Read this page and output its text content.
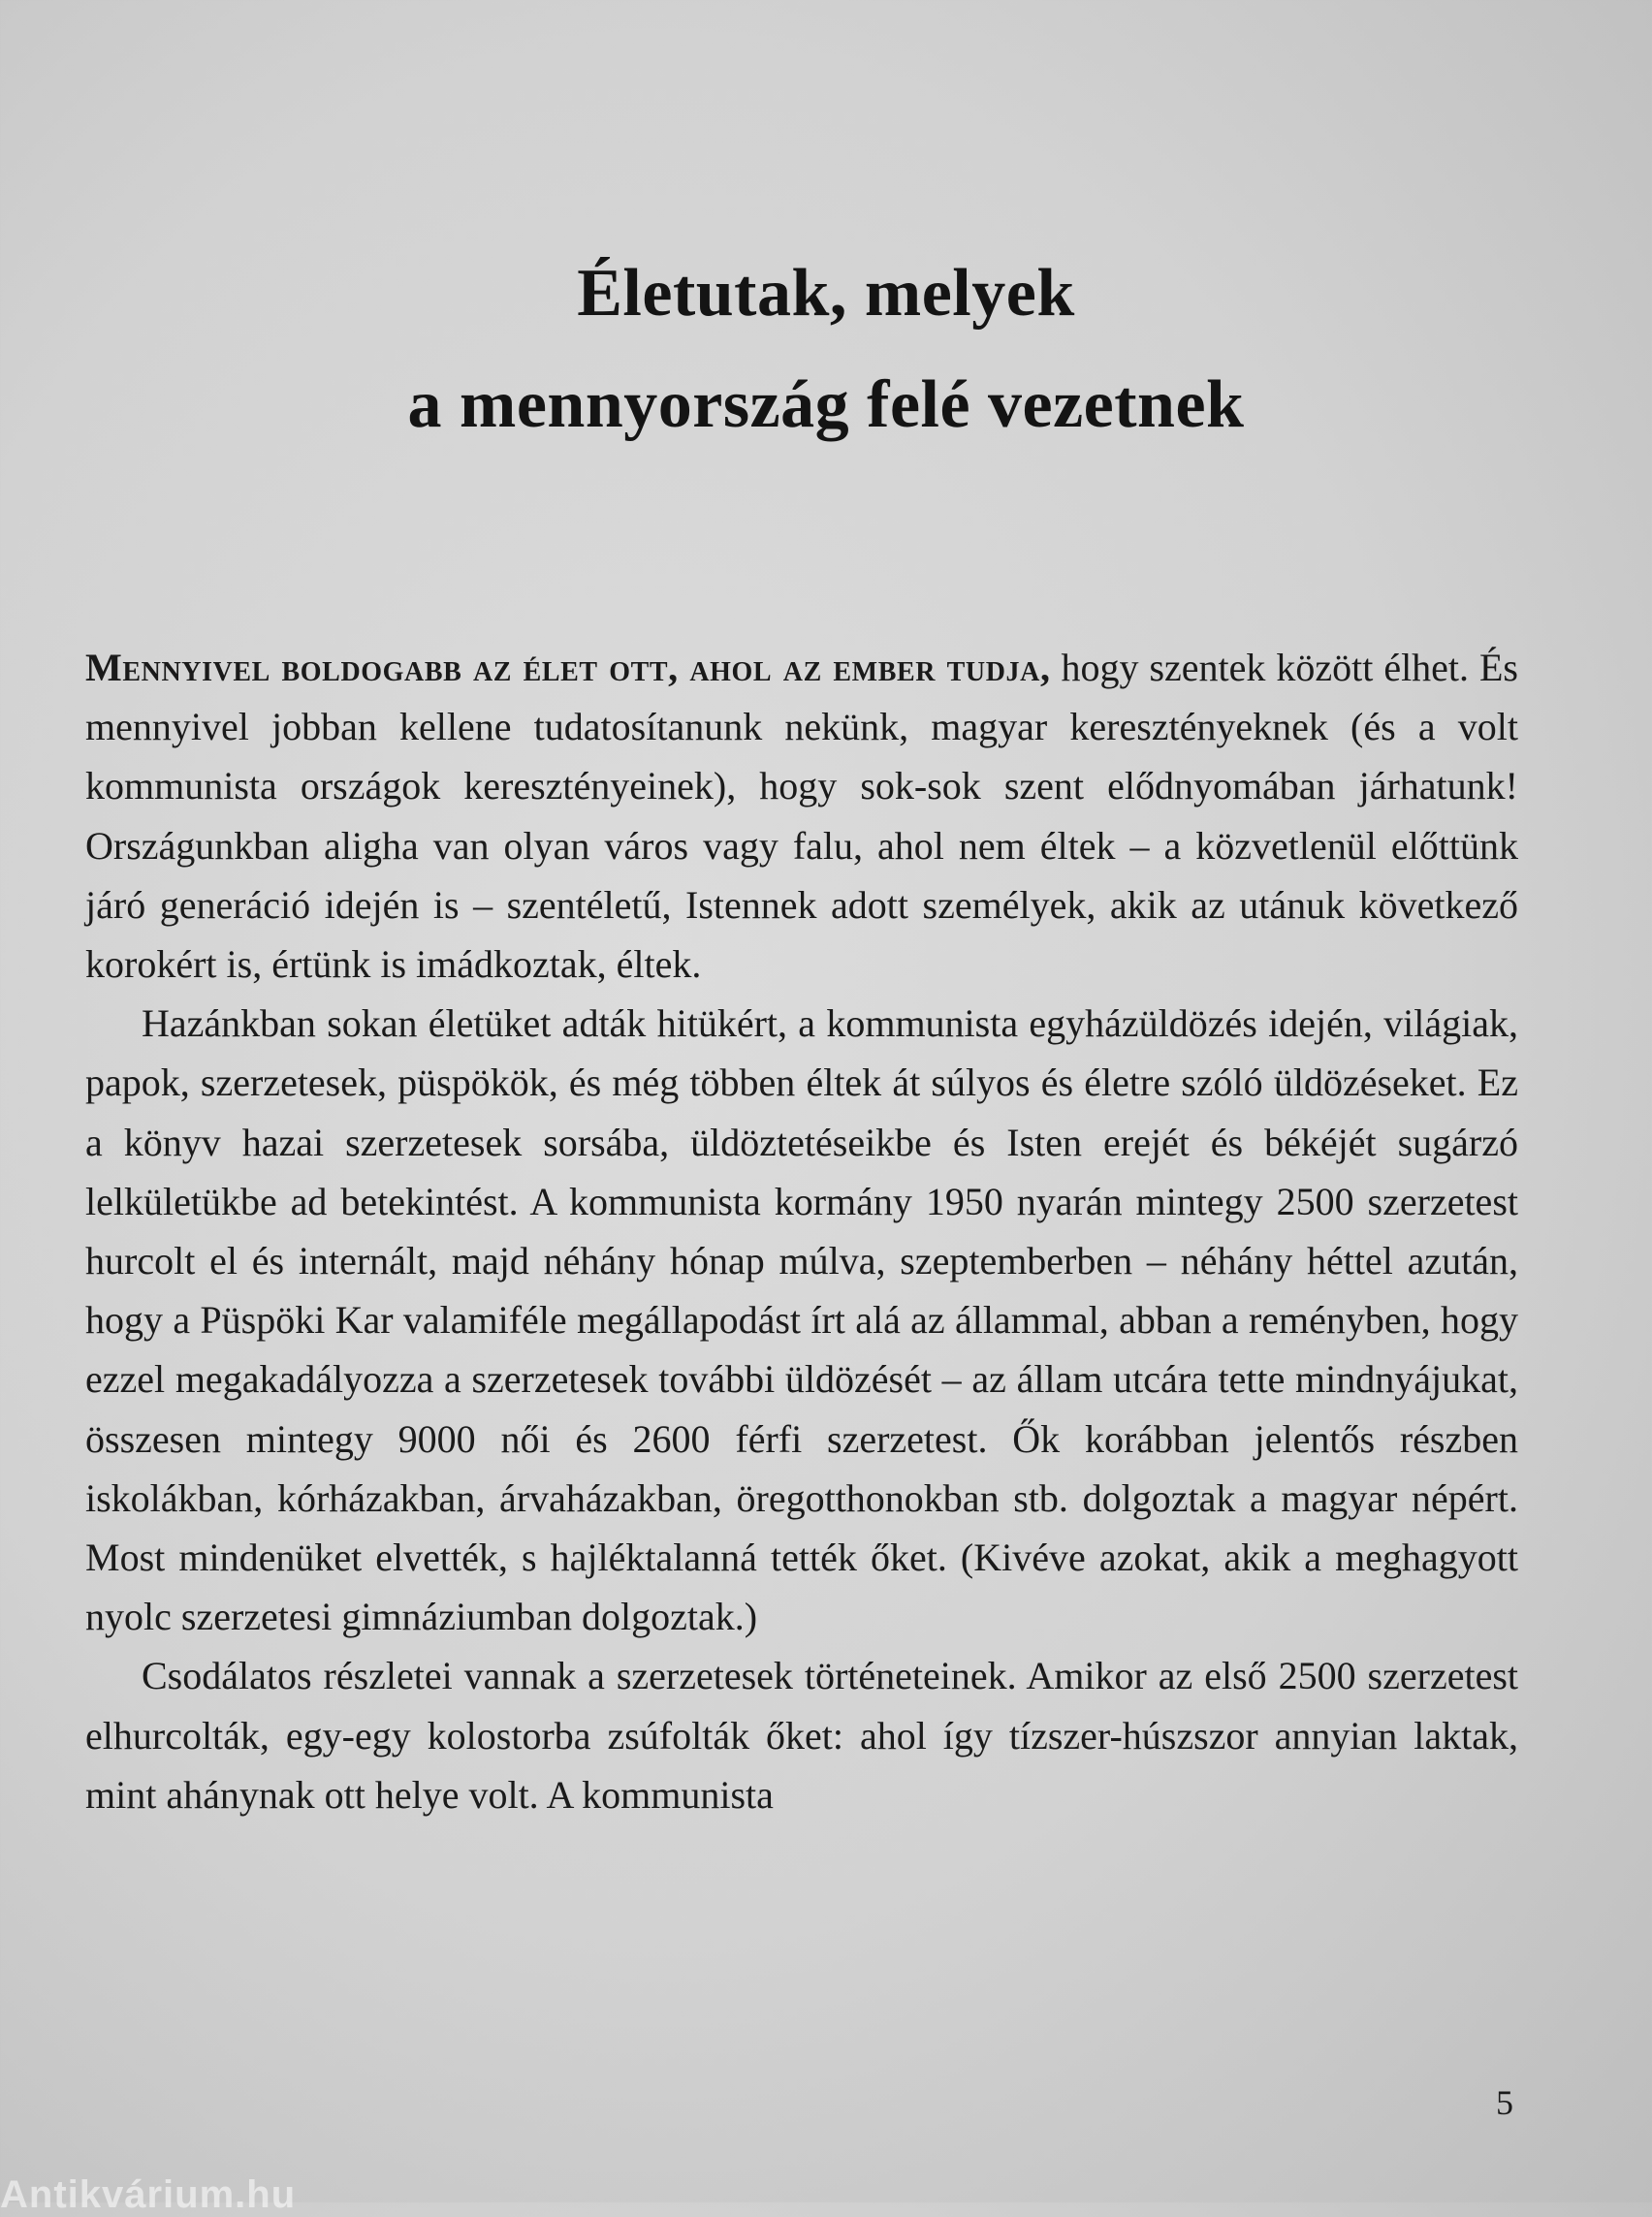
Életutak, melyek
a mennyország felé vezetnek

Mennyivel boldogabb az élet ott, ahol az ember tudja, hogy szentek között élhet. És mennyivel jobban kellene tudatosítanunk nekünk, magyar keresztényeknek (és a volt kommunista országok keresztényeinek), hogy sok-sok szent elődnyomában járhatunk! Országunkban aligha van olyan város vagy falu, ahol nem éltek – a közvetlenül előttünk járó generáció idején is – szentéletű, Istennek adott személyek, akik az utánuk következő korokért is, értünk is imádkoztak, éltek.

Hazánkban sokan életüket adták hitükért, a kommunista egyházüldözés idején, világiak, papok, szerzetesek, püspökök, és még többen éltek át súlyos és életre szóló üldözéseket. Ez a könyv hazai szerzetesek sorsába, üldöztetéseikbe és Isten erejét és békéjét sugárzó lelkületükbe ad betekintést. A kommunista kormány 1950 nyarán mintegy 2500 szerzetest hurcolt el és internált, majd néhány hónap múlva, szeptemberben – néhány héttel azután, hogy a Püspöki Kar valamiféle megállapodást írt alá az állammal, abban a reményben, hogy ezzel megakadályozza a szerzetesek további üldözését – az állam utcára tette mindnyájukat, összesen mintegy 9000 női és 2600 férfi szerzetest. Ők korábban jelentős részben iskolákban, kórházakban, árvaházakban, öregotthonokban stb. dolgoztak a magyar népért. Most mindenüket elvették, s hajléktalanná tették őket. (Kivéve azokat, akik a meghagyott nyolc szerzetesi gimnáziumban dolgoztak.)

Csodálatos részletei vannak a szerzetesek történeteinek. Amikor az első 2500 szerzetest elhurcolták, egy-egy kolostorba zsúfolták őket: ahol így tízszer-húszszor annyian laktak, mint ahánynak ott helye volt. A kommunista

5
Antikvárium.hu
